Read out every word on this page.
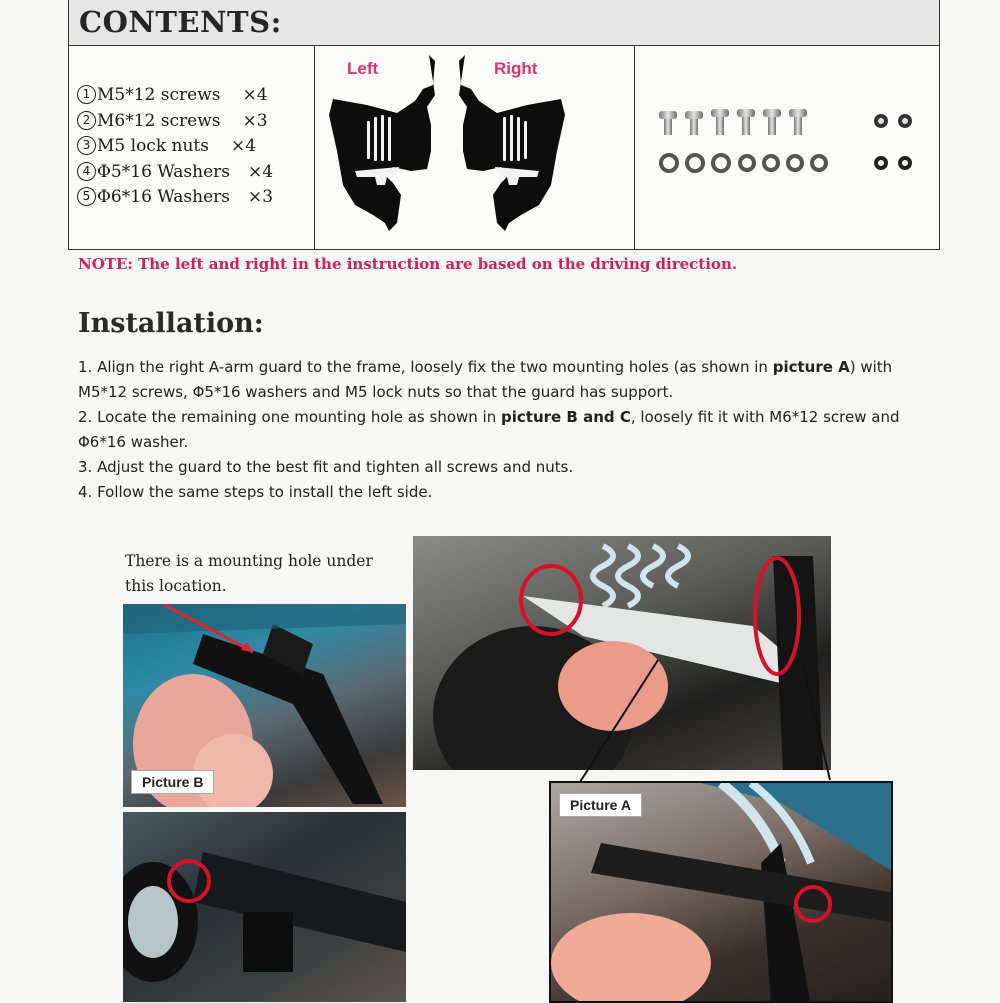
CONTENTS:
1 M5*12 screws ×4
2 M6*12 screws ×3
3 M5 lock nuts ×4
4 Φ5*16 Washers ×4
5 Φ6*16 Washers ×3
Left	Right
NOTE: The left and right in the instruction are based on the driving direction.
Installation:

1. Align the right A-arm guard to the frame, loosely fix the two mounting holes (as shown in picture A) with M5*12 screws, Φ5*16 washers and M5 lock nuts so that the guard has support.

2. Locate the remaining one mounting hole as shown in picture B and C, loosely fit it with M6*12 screw and Φ6*16 washer.

3. Adjust the guard to the best fit and tighten all screws and nuts.

4. Follow the same steps to install the left side.

There is a mounting hole under this location.
Picture B
Picture A
